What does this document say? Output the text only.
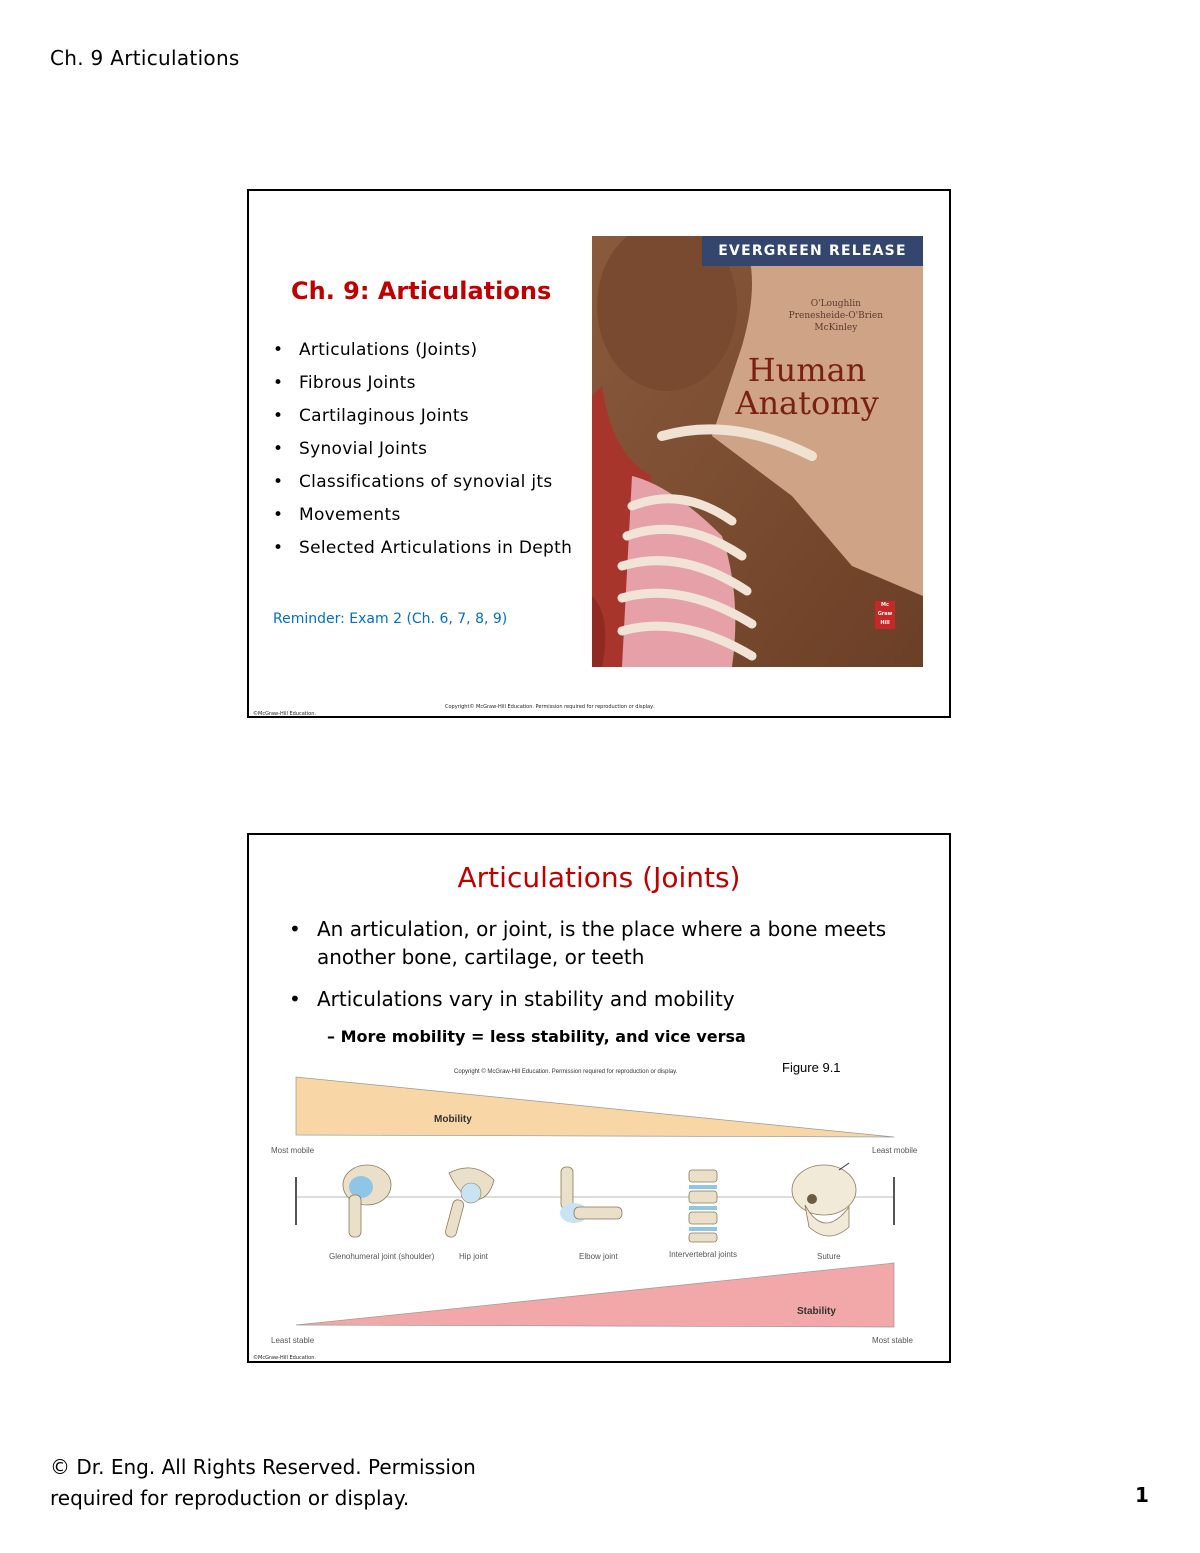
Ch. 9 Articulations
Ch. 9: Articulations
• Articulations (Joints)
• Fibrous Joints
• Cartilaginous Joints
• Synovial Joints
• Classifications of synovial jts
• Movements
• Selected Articulations in Depth
Reminder: Exam 2 (Ch. 6, 7, 8, 9)
EVERGREEN RELEASE
O'Loughlin
Prenesheide-O'Brien
McKinley
Human
Anatomy
Mc Graw Hill
Copyright© McGraw-Hill Education. Permission required for reproduction or display.
©McGraw-Hill Education.
Articulations (Joints)
• An articulation, or joint, is the place where a bone meets another bone, cartilage, or teeth
• Articulations vary in stability and mobility
– More mobility = less stability, and vice versa
Figure 9.1
Copyright © McGraw-Hill Education. Permission required for reproduction or display.
Mobility
Most mobile	Least mobile
Glenohumeral joint (shoulder)	Hip joint	Elbow joint	Intervertebral joints	Suture
Stability
Least stable	Most stable
©McGraw-Hill Education.
© Dr. Eng. All Rights Reserved. Permission
required for reproduction or display.	1
